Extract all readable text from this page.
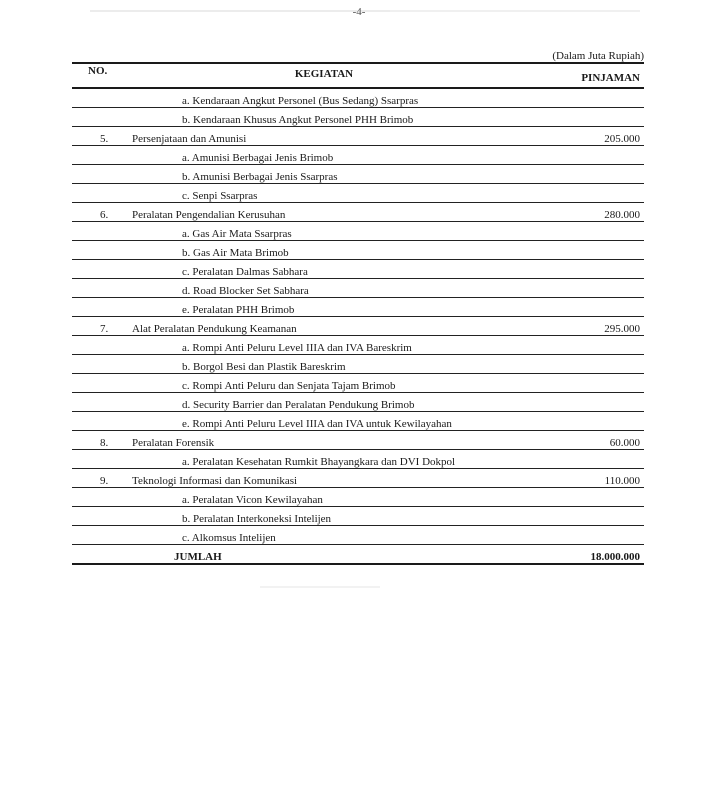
-4-
(Dalam Juta Rupiah)
NO.	KEGIATAN	PINJAMAN
	a. Kendaraan Angkut Personel (Bus Sedang) Ssarpras	
	b. Kendaraan Khusus Angkut Personel PHH Brimob	
5.	Persenjataan dan Amunisi	205.000
	a. Amunisi Berbagai Jenis Brimob	
	b. Amunisi Berbagai Jenis Ssarpras	
	c. Senpi Ssarpras	
6.	Peralatan Pengendalian Kerusuhan	280.000
	a. Gas Air Mata Ssarpras	
	b. Gas Air Mata Brimob	
	c. Peralatan Dalmas Sabhara	
	d. Road Blocker Set Sabhara	
	e. Peralatan PHH Brimob	
7.	Alat Peralatan Pendukung Keamanan	295.000
	a. Rompi Anti Peluru Level IIIA dan IVA Bareskrim	
	b. Borgol Besi dan Plastik Bareskrim	
	c. Rompi Anti Peluru dan Senjata Tajam Brimob	
	d. Security Barrier dan Peralatan Pendukung Brimob	
	e. Rompi Anti Peluru Level IIIA dan IVA untuk Kewilayahan	
8.	Peralatan Forensik	60.000
	a. Peralatan Kesehatan Rumkit Bhayangkara dan DVI Dokpol	
9.	Teknologi Informasi dan Komunikasi	110.000
	a. Peralatan Vicon Kewilayahan	
	b. Peralatan Interkoneksi Intelijen	
	c. Alkomsus Intelijen	
	JUMLAH	18.000.000
